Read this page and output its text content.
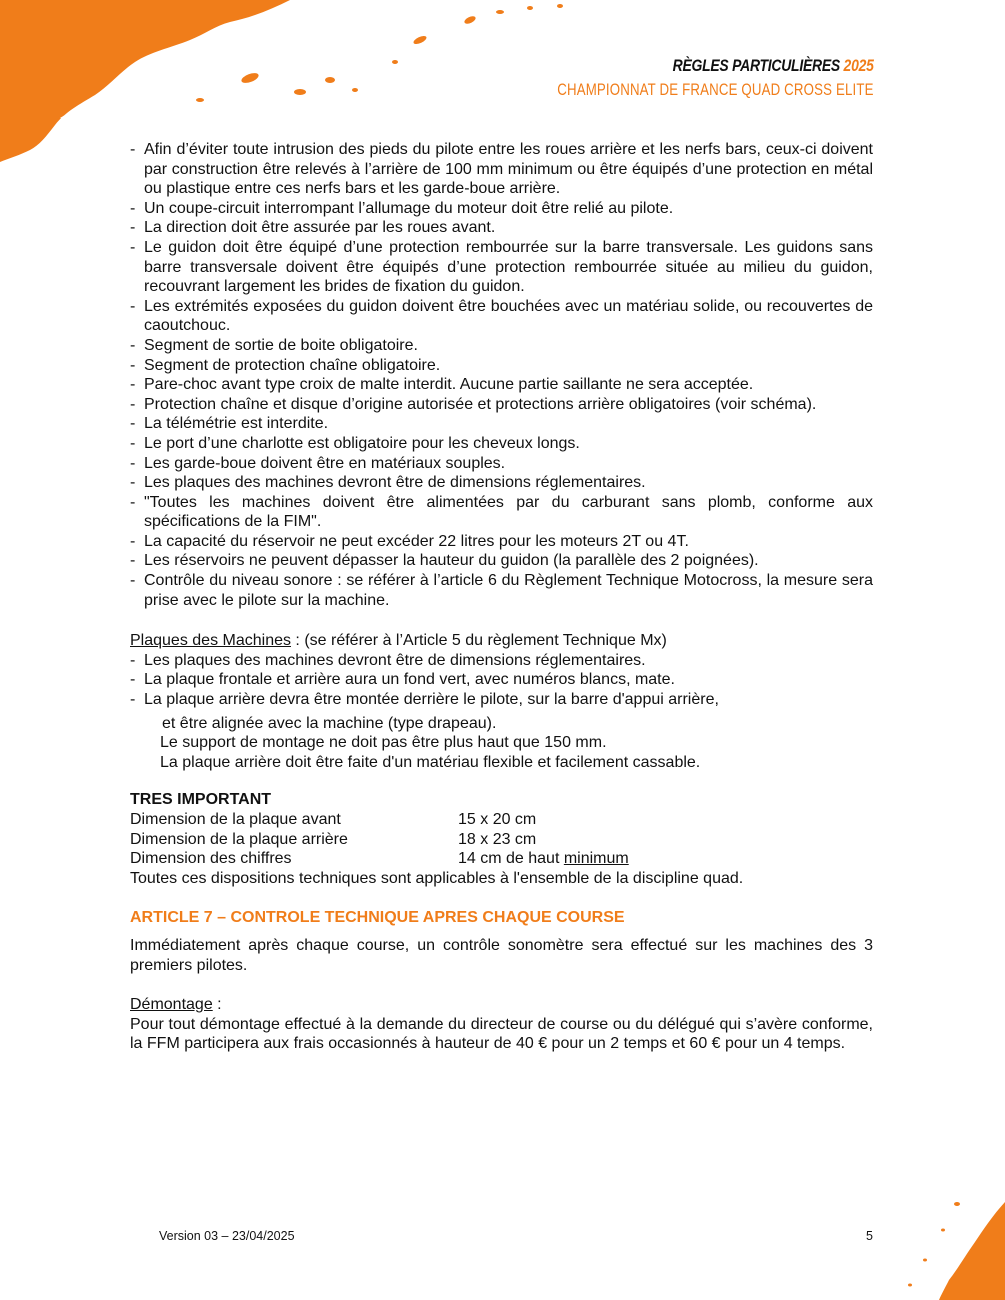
RÈGLES PARTICULIÈRES 2025
CHAMPIONNAT DE FRANCE QUAD CROSS ELITE
- Afin d’éviter toute intrusion des pieds du pilote entre les roues arrière et les nerfs bars, ceux-ci doivent par construction être relevés à l’arrière de 100 mm minimum ou être équipés d’une protection en métal ou plastique entre ces nerfs bars et les garde-boue arrière.
- Un coupe-circuit interrompant l’allumage du moteur doit être relié au pilote.
- La direction doit être assurée par les roues avant.
- Le guidon doit être équipé d’une protection rembourrée sur la barre transversale. Les guidons sans barre transversale doivent être équipés d’une protection rembourrée située au milieu du guidon, recouvrant largement les brides de fixation du guidon.
- Les extrémités exposées du guidon doivent être bouchées avec un matériau solide, ou recouvertes de caoutchouc.
- Segment de sortie de boite obligatoire.
- Segment de protection chaîne obligatoire.
- Pare-choc avant type croix de malte interdit. Aucune partie saillante ne sera acceptée.
- Protection chaîne et disque d’origine autorisée et protections arrière obligatoires (voir schéma).
- La télémétrie est interdite.
- Le port d’une charlotte est obligatoire pour les cheveux longs.
- Les garde-boue doivent être en matériaux souples.
- Les plaques des machines devront être de dimensions réglementaires.
- "Toutes les machines doivent être alimentées par du carburant sans plomb, conforme aux spécifications de la FIM".
- La capacité du réservoir ne peut excéder 22 litres pour les moteurs 2T ou 4T.
- Les réservoirs ne peuvent dépasser la hauteur du guidon (la parallèle des 2 poignées).
- Contrôle du niveau sonore : se référer à l’article 6 du Règlement Technique Motocross, la mesure sera prise avec le pilote sur la machine.
Plaques des Machines : (se référer à l’Article 5 du règlement Technique Mx)
- Les plaques des machines devront être de dimensions réglementaires.
- La plaque frontale et arrière aura un fond vert, avec numéros blancs, mate.
- La plaque arrière devra être montée derrière le pilote, sur la barre d'appui arrière,
et être alignée avec la machine (type drapeau).
Le support de montage ne doit pas être plus haut que 150 mm.
La plaque arrière doit être faite d'un matériau flexible et facilement cassable.
TRES IMPORTANT
Dimension de la plaque avant	15 x 20 cm
Dimension de la plaque arrière	18 x 23 cm
Dimension des chiffres	14 cm de haut minimum
Toutes ces dispositions techniques sont applicables à l'ensemble de la discipline quad.
ARTICLE 7 – CONTROLE TECHNIQUE APRES CHAQUE COURSE
Immédiatement après chaque course, un contrôle sonomètre sera effectué sur les machines des 3 premiers pilotes.
Démontage :
Pour tout démontage effectué à la demande du directeur de course ou du délégué qui s’avère conforme, la FFM participera aux frais occasionnés à hauteur de 40 € pour un 2 temps et 60 € pour un 4 temps.
Version 03 – 23/04/2025	5
